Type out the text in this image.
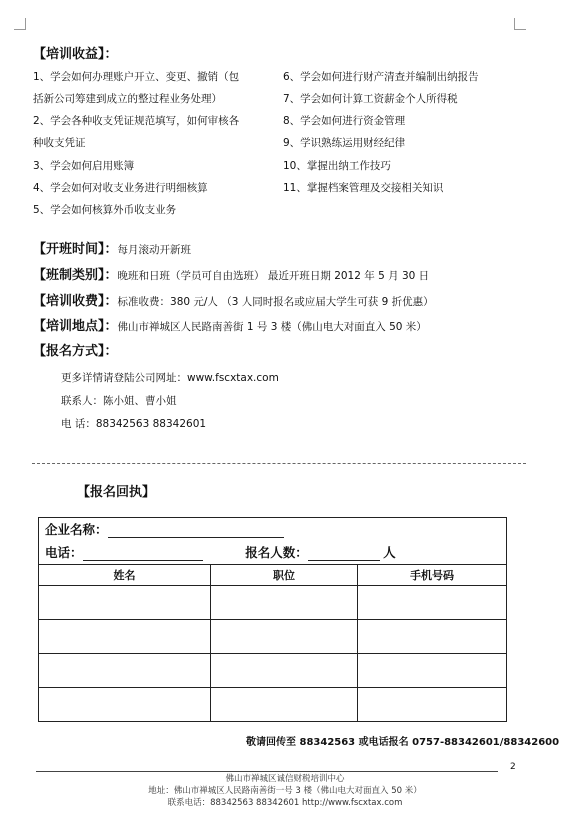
【培训收益】：
1、学会如何办理账户开立、变更、撤销（包
括新公司筹建到成立的整过程业务处理）
2、学会各种收支凭证规范填写，如何审核各
种收支凭证
3、学会如何启用账簿
4、学会如何对收支业务进行明细核算
5、学会如何核算外币收支业务
6、学会如何进行财产清查并编制出纳报告
7、学会如何计算工资薪金个人所得税
8、学会如何进行资金管理
9、学识熟练运用财经纪律
10、掌握出纳工作技巧
11、掌握档案管理及交接相关知识
【开班时间】：每月滚动开新班
【班制类别】：晚班和日班（学员可自由选班） 最近开班日期 2012 年 5 月 30 日
【培训收费】：标准收费：380 元/人 （3 人同时报名或应届大学生可获 9 折优惠）
【培训地点】：佛山市禅城区人民路南善街 1 号 3 楼（佛山电大对面直入 50 米）
【报名方式】：
更多详情请登陆公司网址：www.fscxtax.com
联系人：陈小姐、曹小姐
电 话：88342563 88342601
【报名回执】
企业名称：		
电话： 报名人数： 人		
姓名	职位	手机号码

敬请回传至 88342563 或电话报名 0757-88342601/88342600
2
佛山市禅城区诚信财税培训中心
地址：佛山市禅城区人民路南善街一号 3 楼（佛山电大对面直入 50 米）
联系电话：88342563 88342601 http://www.fscxtax.com
